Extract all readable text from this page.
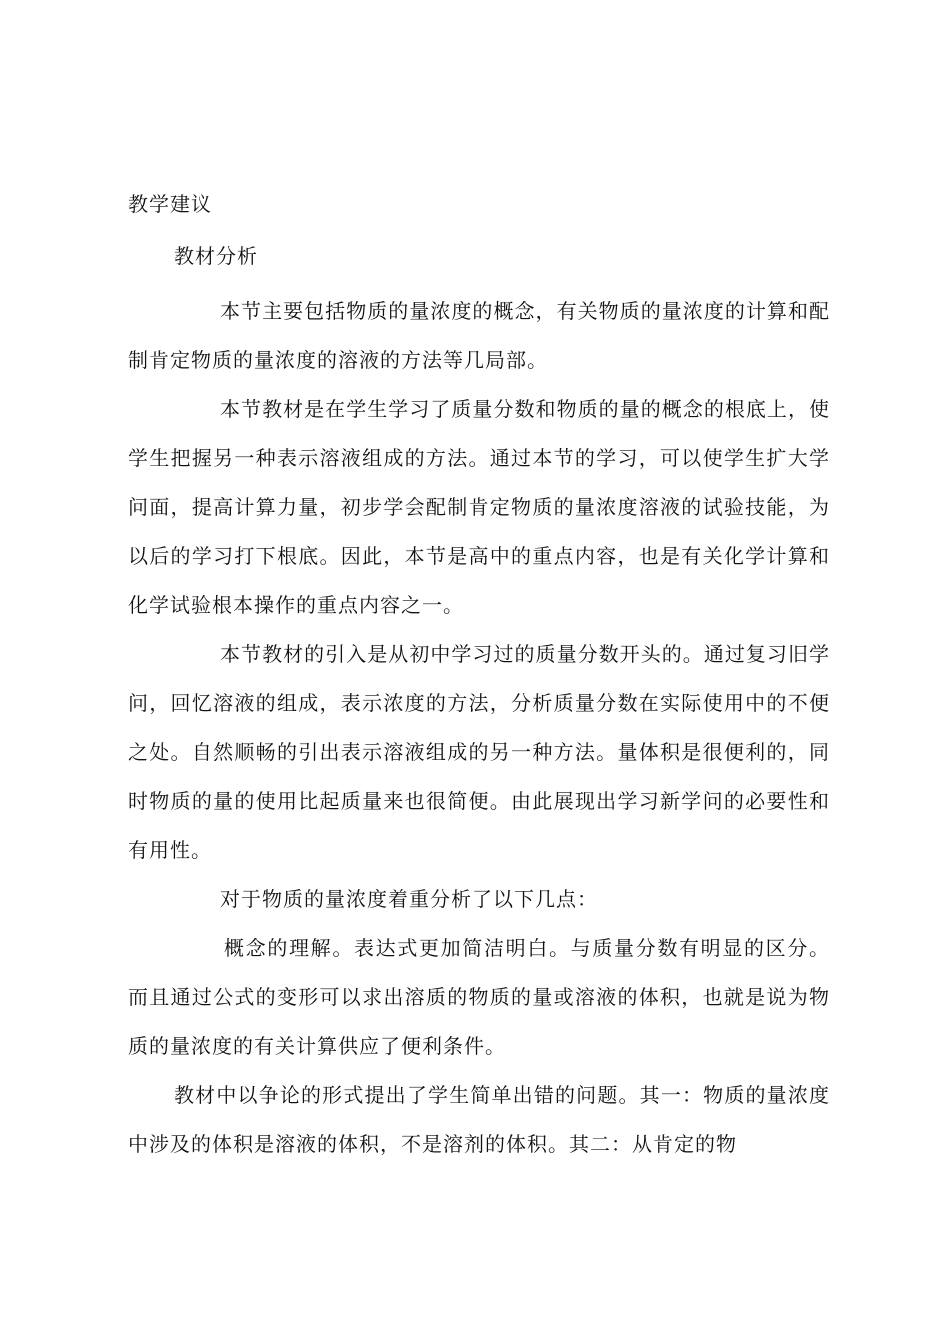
教学建议
教材分析

本节主要包括物质的量浓度的概念，有关物质的量浓度的计算和配制肯定物质的量浓度的溶液的方法等几局部。

本节教材是在学生学习了质量分数和物质的量的概念的根底上，使学生把握另一种表示溶液组成的方法。通过本节的学习，可以使学生扩大学问面，提高计算力量，初步学会配制肯定物质的量浓度溶液的试验技能，为以后的学习打下根底。因此，本节是高中的重点内容，也是有关化学计算和化学试验根本操作的重点内容之一。

本节教材的引入是从初中学习过的质量分数开头的。通过复习旧学问，回忆溶液的组成，表示浓度的方法，分析质量分数在实际使用中的不便之处。自然顺畅的引出表示溶液组成的另一种方法。量体积是很便利的，同时物质的量的使用比起质量来也很简便。由此展现出学习新学问的必要性和有用性。

对于物质的量浓度着重分析了以下几点：

概念的理解。表达式更加简洁明白。与质量分数有明显的区分。而且通过公式的变形可以求出溶质的物质的量或溶液的体积，也就是说为物质的量浓度的有关计算供应了便利条件。

教材中以争论的形式提出了学生简单出错的问题。其一：物质的量浓度中涉及的体积是溶液的体积，不是溶剂的体积。其二：从肯定的物
